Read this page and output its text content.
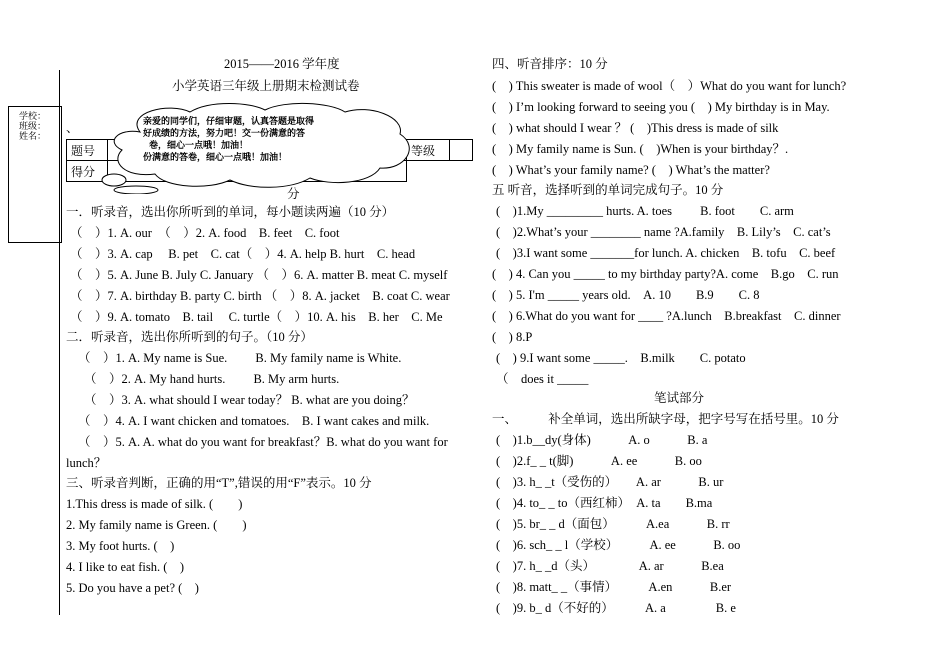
学校：
班级：
姓名：
2015——2016 学年度
小学英语三年级上册期末检测试卷
、
题号		等级	
得分			
亲爱的同学们，仔细审题，认真答题是取得
好成绩的方法，努力吧！交一份满意的答
卷，细心一点哦！加油！
份满意的答卷，细心一点哦！加油！
分
一．听录音，选出你所听到的单词，每小题读两遍（10 分）
（　）1. A. our　（　）2. A. food　B. feet　C. foot
（　）3. A. cap　 B. pet　C. cat（　）4. A. help B. hurt　C. head
（　）5. A. June B. July C. January （　）6. A. matter B. meat C. myself
（　）7. A. birthday B. party C. birth （　）8. A. jacket　B. coat C. wear
（　）9. A. tomato　B. tail　 C. turtle（　）10. A. his　B. her　C. Me
二．听录音，选出你所听到的句子。（10 分）
（　）1. A. My name is Sue.　　 B. My family name is White.
（　）2. A. My hand hurts.　　 B. My arm hurts.
（　）3. A. what should I wear today？ B. what are you doing？
（　）4. A. I want chicken and tomatoes.　B. I want cakes and milk.
（　）5. A. A. what do you want for breakfast？B. what do you want for
lunch？
三、听录音判断，正确的用“T”,错误的用“F”表示。10 分
1.This dress is made of silk. (　　)
2. My family name is Green. (　　)
3. My foot hurts. (　)
4. I like to eat fish. (　)
5. Do you have a pet? (　)
四、听音排序：10 分
(　) This sweater is made of wool（　）What do you want for lunch?
(　) I’m looking forward to seeing you (　) My birthday is in May.
(　) what should I wear ？ (　)This dress is made of silk
(　) My family name is Sun. (　)When is your birthday？.
(　) What’s your family name? (　) What’s the matter?
五 听音，选择听到的单词完成句子。10 分
(　)1.My _________ hurts. A. toes　　 B. foot　　C. arm
(　)2.What’s your ________ name ?A.family　B. Lily’s　C. cat’s
(　)3.I want some _______for lunch. A. chicken　B. tofu　C. beef
(　) 4. Can you _____ to my birthday party?A. come　B.go　C. run
(　) 5. I'm _____ years old.　A. 10　　B.9　　C. 8
(　) 6.What do you want for ____ ?A.lunch　B.breakfast　C. dinner
(　) 8.P
(　) 9.I want some _____.　B.milk　　C. potato
（　does it _____
笔试部分
一、　　　补全单词，选出所缺字母，把字号写在括号里。10 分
(　)1.b__dy(身体)　　　A. o　　　B. a
(　)2.f_ _ t(脚)　　　A. ee　　　B. oo
(　)3. h_ _t（受伤的）　　A. ar　　　B. ur
(　)4. to_ _ to（西红柿）　A. ta　　B.ma
(　)5. br_ _ d（面包）　　　A.ea　　　B. rr
(　)6. sch_ _ l（学校）　　　A. ee　　　B. oo
(　)7. h_ _d（头）　　　　A. ar　　　B.ea
(　)8. matt_ _（事情）　　　A.en　　　B.er
(　)9. b_ d（不好的）　　　A. a　　　　B. e
